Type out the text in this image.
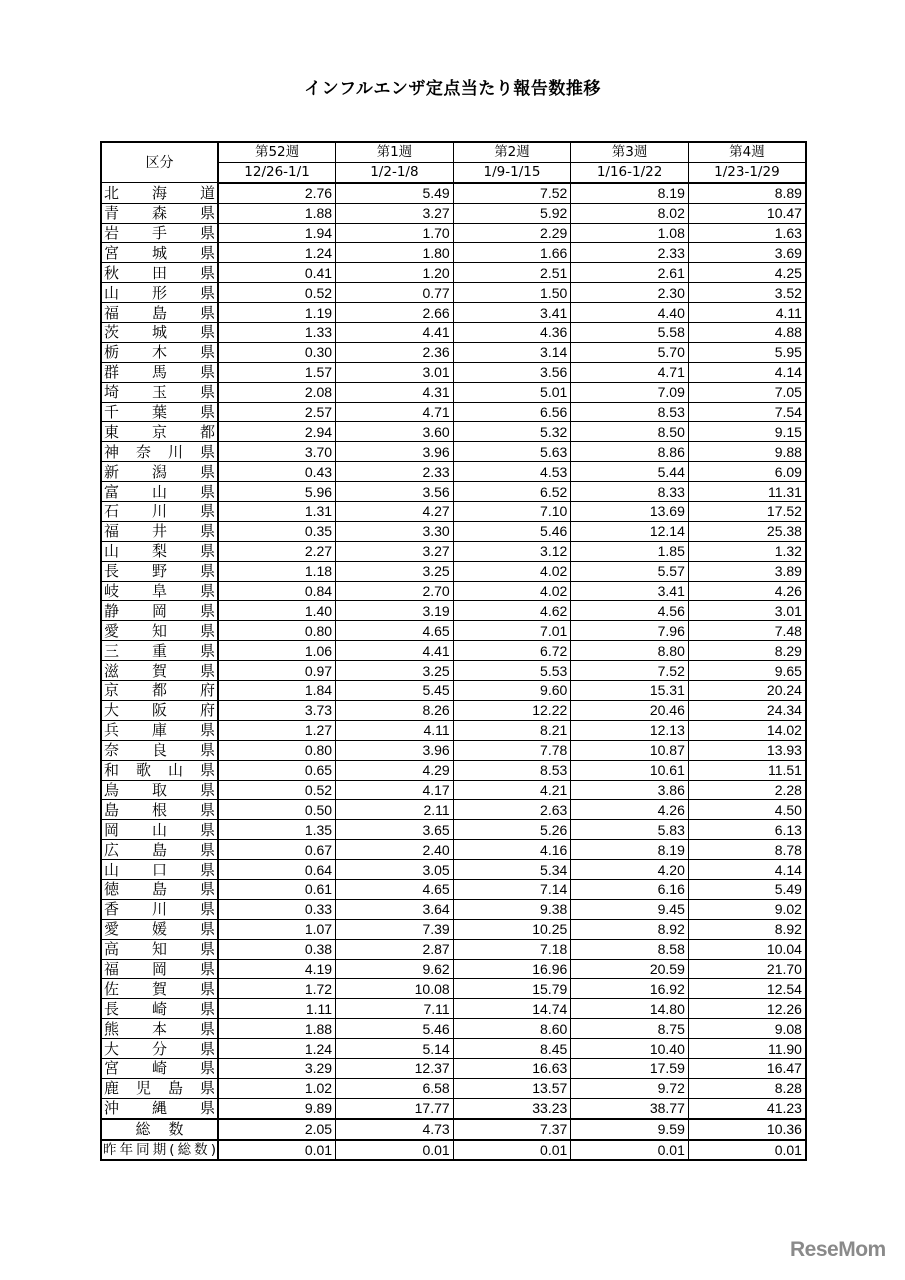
インフルエンザ定点当たり報告数推移
区分	第52週	第1週	第2週	第3週	第4週
	12/26-1/1	1/2-1/8	1/9-1/15	1/16-1/22	1/23-1/29
北海道	2.76	5.49	7.52	8.19	8.89
青森県	1.88	3.27	5.92	8.02	10.47
岩手県	1.94	1.70	2.29	1.08	1.63
宮城県	1.24	1.80	1.66	2.33	3.69
秋田県	0.41	1.20	2.51	2.61	4.25
山形県	0.52	0.77	1.50	2.30	3.52
福島県	1.19	2.66	3.41	4.40	4.11
茨城県	1.33	4.41	4.36	5.58	4.88
栃木県	0.30	2.36	3.14	5.70	5.95
群馬県	1.57	3.01	3.56	4.71	4.14
埼玉県	2.08	4.31	5.01	7.09	7.05
千葉県	2.57	4.71	6.56	8.53	7.54
東京都	2.94	3.60	5.32	8.50	9.15
神奈川県	3.70	3.96	5.63	8.86	9.88
新潟県	0.43	2.33	4.53	5.44	6.09
富山県	5.96	3.56	6.52	8.33	11.31
石川県	1.31	4.27	7.10	13.69	17.52
福井県	0.35	3.30	5.46	12.14	25.38
山梨県	2.27	3.27	3.12	1.85	1.32
長野県	1.18	3.25	4.02	5.57	3.89
岐阜県	0.84	2.70	4.02	3.41	4.26
静岡県	1.40	3.19	4.62	4.56	3.01
愛知県	0.80	4.65	7.01	7.96	7.48
三重県	1.06	4.41	6.72	8.80	8.29
滋賀県	0.97	3.25	5.53	7.52	9.65
京都府	1.84	5.45	9.60	15.31	20.24
大阪府	3.73	8.26	12.22	20.46	24.34
兵庫県	1.27	4.11	8.21	12.13	14.02
奈良県	0.80	3.96	7.78	10.87	13.93
和歌山県	0.65	4.29	8.53	10.61	11.51
鳥取県	0.52	4.17	4.21	3.86	2.28
島根県	0.50	2.11	2.63	4.26	4.50
岡山県	1.35	3.65	5.26	5.83	6.13
広島県	0.67	2.40	4.16	8.19	8.78
山口県	0.64	3.05	5.34	4.20	4.14
徳島県	0.61	4.65	7.14	6.16	5.49
香川県	0.33	3.64	9.38	9.45	9.02
愛媛県	1.07	7.39	10.25	8.92	8.92
高知県	0.38	2.87	7.18	8.58	10.04
福岡県	4.19	9.62	16.96	20.59	21.70
佐賀県	1.72	10.08	15.79	16.92	12.54
長崎県	1.11	7.11	14.74	14.80	12.26
熊本県	1.88	5.46	8.60	8.75	9.08
大分県	1.24	5.14	8.45	10.40	11.90
宮崎県	3.29	12.37	16.63	17.59	16.47
鹿児島県	1.02	6.58	13.57	9.72	8.28
沖縄県	9.89	17.77	33.23	38.77	41.23
総数	2.05	4.73	7.37	9.59	10.36
昨年同期(総数)	0.01	0.01	0.01	0.01	0.01
ReseMom
